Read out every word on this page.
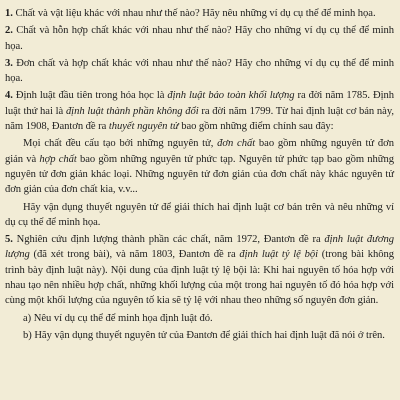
1. Chất và vật liệu khác với nhau như thế nào? Hãy nêu những ví dụ cụ thể để minh họa.

2. Chất và hỗn hợp chất khác với nhau như thế nào? Hãy cho những ví dụ cụ thể để minh họa.

3. Đơn chất và hợp chất khác với nhau như thế nào? Hãy cho những ví dụ cụ thể để minh họa.

4. Định luật đầu tiên trong hóa học là định luật bảo toàn khối lượng ra đời năm 1785. Định luật thứ hai là định luật thành phần không đổi ra đời năm 1799. Từ hai định luật cơ bản này, năm 1908, Đantơn đề ra thuyết nguyên tử bao gồm những điểm chính sau đây:

Mọi chất đều cấu tạo bởi những nguyên tử, đơn chất bao gồm những nguyên tử đơn giản và hợp chất bao gồm những nguyên tử phức tạp. Nguyên tử phức tạp bao gồm những nguyên tử đơn giản khác loại. Những nguyên tử đơn giản của đơn chất này khác nguyên tử đơn giản của đơn chất kia, v.v...

Hãy vận dụng thuyết nguyên tử để giải thích hai định luật cơ bản trên và nêu những ví dụ cụ thể để minh họa.

5. Nghiên cứu định lượng thành phần các chất, năm 1972, Đantơn đề ra định luật đương lượng (đã xét trong bài), và năm 1803, Đantơn đề ra định luật tỷ lệ bội (trong bài không trình bày định luật này). Nội dung của định luật tỷ lệ bội là: Khi hai nguyên tố hóa hợp với nhau tạo nên nhiều hợp chất, những khối lượng của một trong hai nguyên tố đó hóa hợp với cùng một khối lượng của nguyên tố kia sẽ tỷ lệ với nhau theo những số nguyên đơn giản.

a) Nêu ví dụ cụ thể để minh họa định luật đó.

b) Hãy vận dụng thuyết nguyên tử của Đantơn để giải thích hai định luật đã nói ở trên.
